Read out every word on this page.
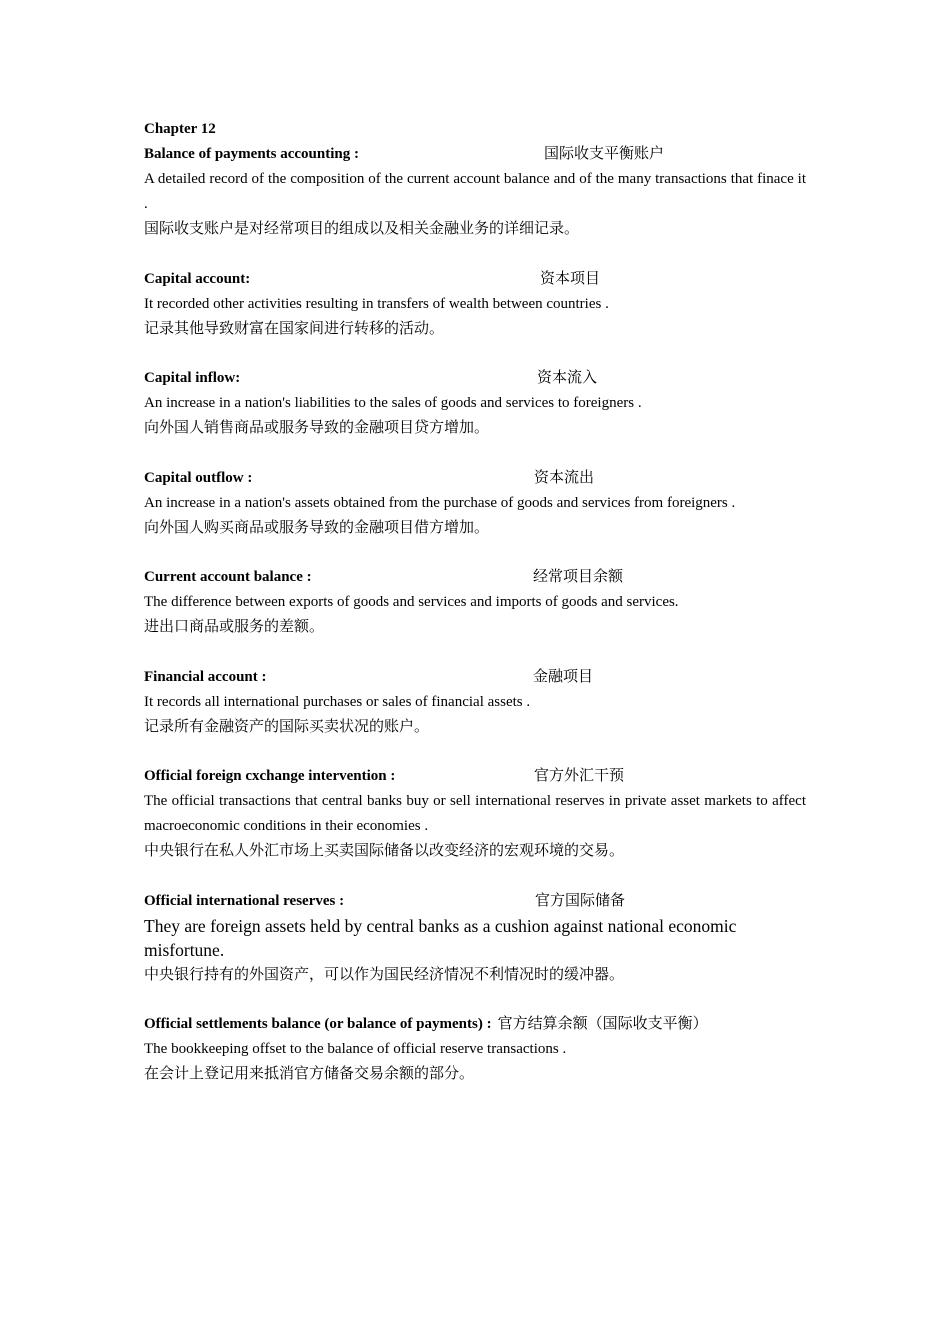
Chapter 12
Balance of payments accounting :	国际收支平衡账户
A detailed record of the composition of the current account balance and of the many transactions that finace it .
国际收支账户是对经常项目的组成以及相关金融业务的详细记录。
Capital account:	资本项目
It recorded other activities resulting in transfers of wealth between countries .
记录其他导致财富在国家间进行转移的活动。
Capital inflow:	资本流入
An increase in a nation's liabilities to the sales of goods and services to foreigners .
向外国人销售商品或服务导致的金融项目贷方增加。
Capital outflow :	资本流出
An increase in a nation's assets obtained from the purchase of goods and services from foreigners .
向外国人购买商品或服务导致的金融项目借方增加。
Current account balance :	经常项目余额
The difference between exports of goods and services and imports of goods and services.
进出口商品或服务的差额。
Financial account :	金融项目
It records all international purchases or sales of financial assets .
记录所有金融资产的国际买卖状况的账户。
Official foreign cxchange intervention :	官方外汇干预
The official transactions that central banks buy or sell international reserves in private asset markets to affect macroeconomic conditions in their economies .
中央银行在私人外汇市场上买卖国际储备以改变经济的宏观环境的交易。
Official international reserves :	官方国际储备
They are foreign assets held by central banks as a cushion against national economic misfortune.
中央银行持有的外国资产，可以作为国民经济情况不利情况时的缓冲器。
Official settlements balance (or balance of payments) : 官方结算余额（国际收支平衡）
The bookkeeping offset to the balance of official reserve transactions .
在会计上登记用来抵消官方储备交易余额的部分。
